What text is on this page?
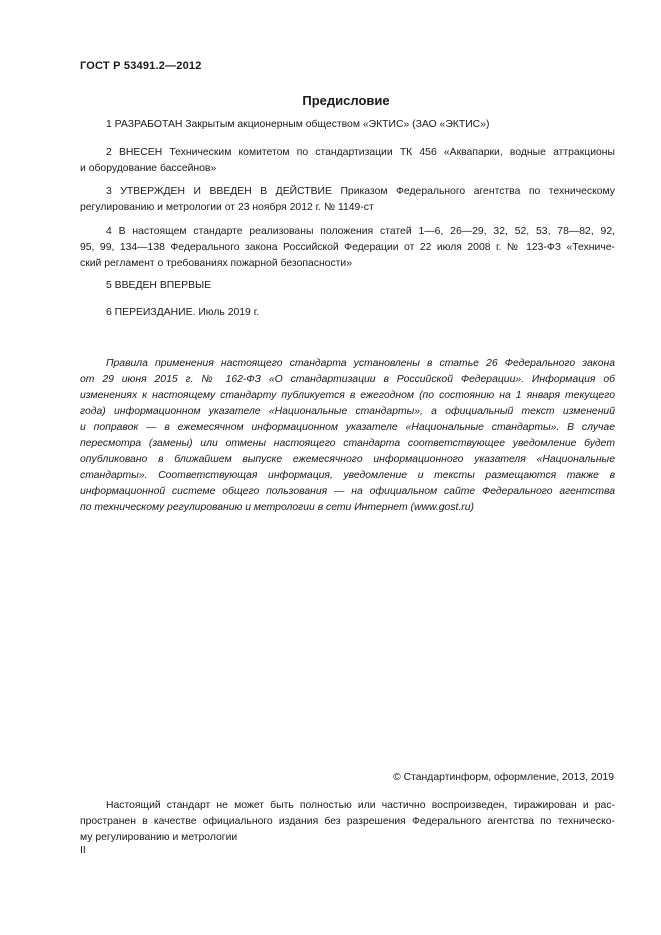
ГОСТ Р 53491.2—2012
Предисловие
1 РАЗРАБОТАН Закрытым акционерным обществом «ЭКТИС» (ЗАО «ЭКТИС»)
2 ВНЕСЕН Техническим комитетом по стандартизации ТК 456 «Аквапарки, водные аттракционы
и оборудование бассейнов»
3 УТВЕРЖДЕН И ВВЕДЕН В ДЕЙСТВИЕ Приказом Федерального агентства по техническому
регулированию и метрологии от 23 ноября 2012 г. № 1149-ст
4 В настоящем стандарте реализованы положения статей 1—6, 26—29, 32, 52, 53, 78—82, 92,
95, 99, 134—138 Федерального закона Российской Федерации от 22 июля 2008 г. № 123-ФЗ «Техниче-
ский регламент о требованиях пожарной безопасности»
5 ВВЕДЕН ВПЕРВЫЕ
6 ПЕРЕИЗДАНИЕ. Июль 2019 г.
Правила применения настоящего стандарта установлены в статье 26 Федерального закона
от 29 июня 2015 г. № 162-ФЗ «О стандартизации в Российской Федерации». Информация об
изменениях к настоящему стандарту публикуется в ежегодном (по состоянию на 1 января текущего
года) информационном указателе «Национальные стандарты», а официальный текст изменений
и поправок — в ежемесячном информационном указателе «Национальные стандарты». В случае
пересмотра (замены) или отмены настоящего стандарта соответствующее уведомление будет
опубликовано в ближайшем выпуске ежемесячного информационного указателя «Национальные
стандарты». Соответствующая информация, уведомление и тексты размещаются также в
информационной системе общего пользования — на официальном сайте Федерального агентства
по техническому регулированию и метрологии в сети Интернет (www.gost.ru)
© Стандартинформ, оформление, 2013, 2019
Настоящий стандарт не может быть полностью или частично воспроизведен, тиражирован и рас-
пространен в качестве официального издания без разрешения Федерального агентства по техническо-
му регулированию и метрологии
II
